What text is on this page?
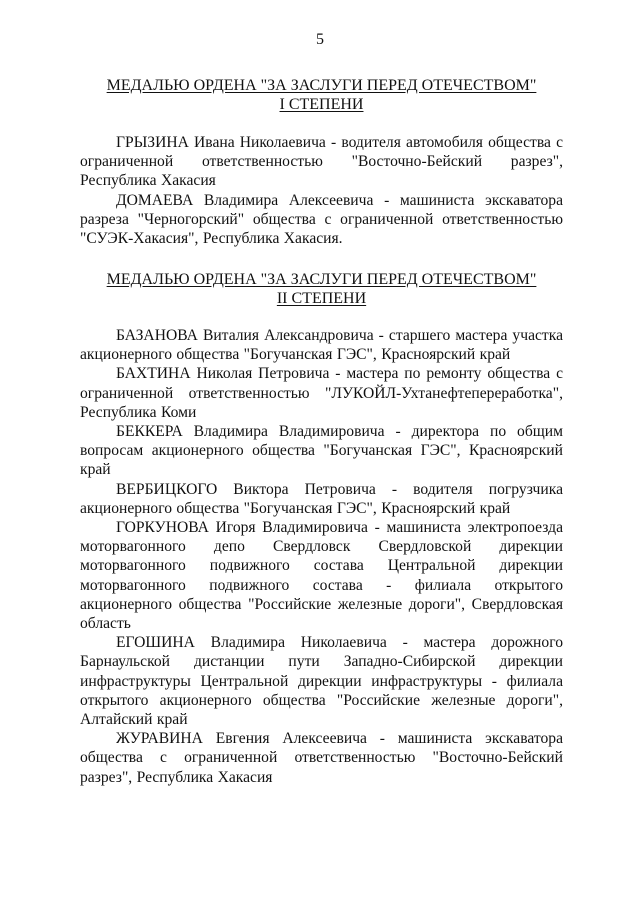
5
МЕДАЛЬЮ ОРДЕНА "ЗА ЗАСЛУГИ ПЕРЕД ОТЕЧЕСТВОМ"
I СТЕПЕНИ

ГРЫЗИНА Ивана Николаевича - водителя автомобиля общества с ограниченной ответственностью "Восточно-Бейский разрез", Республика Хакасия

ДОМАЕВА Владимира Алексеевича - машиниста экскаватора разреза "Черногорский" общества с ограниченной ответственностью "СУЭК-Хакасия", Республика Хакасия.

МЕДАЛЬЮ ОРДЕНА "ЗА ЗАСЛУГИ ПЕРЕД ОТЕЧЕСТВОМ"
II СТЕПЕНИ

БАЗАНОВА Виталия Александровича - старшего мастера участка акционерного общества "Богучанская ГЭС", Красноярский край

БАХТИНА Николая Петровича - мастера по ремонту общества с ограниченной ответственностью "ЛУКОЙЛ-Ухтанефтепереработка", Республика Коми

БЕККЕРА Владимира Владимировича - директора по общим вопросам акционерного общества "Богучанская ГЭС", Красноярский край

ВЕРБИЦКОГО Виктора Петровича - водителя погрузчика акционерного общества "Богучанская ГЭС", Красноярский край

ГОРКУНОВА Игоря Владимировича - машиниста электропоезда моторвагонного депо Свердловск Свердловской дирекции моторвагонного подвижного состава Центральной дирекции моторвагонного подвижного состава - филиала открытого акционерного общества "Российские железные дороги", Свердловская область

ЕГОШИНА Владимира Николаевича - мастера дорожного Барнаульской дистанции пути Западно-Сибирской дирекции инфраструктуры Центральной дирекции инфраструктуры - филиала открытого акционерного общества "Российские железные дороги", Алтайский край

ЖУРАВИНА Евгения Алексеевича - машиниста экскаватора общества с ограниченной ответственностью "Восточно-Бейский разрез", Республика Хакасия
